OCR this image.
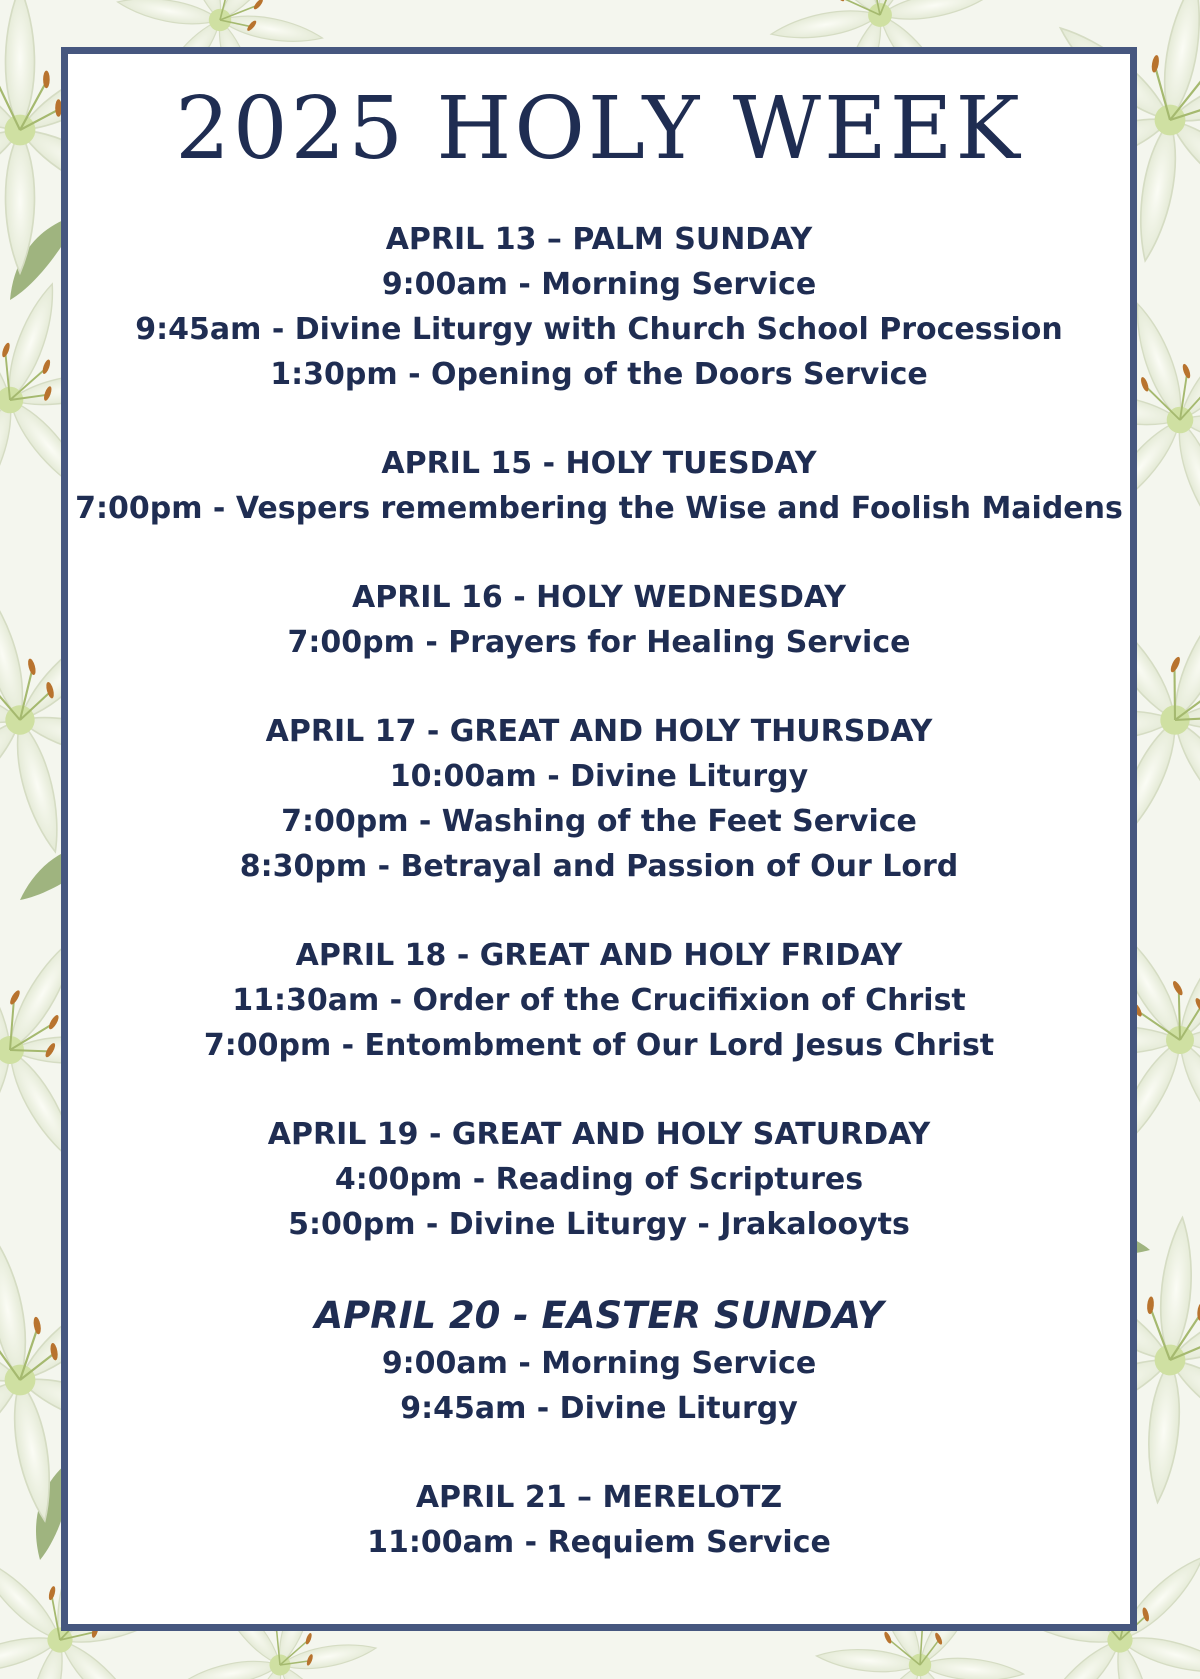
2025 HOLY WEEK
APRIL 13 – PALM SUNDAY
9:00am - Morning Service
9:45am - Divine Liturgy with Church School Procession
1:30pm - Opening of the Doors Service
APRIL 15 - HOLY TUESDAY
7:00pm - Vespers remembering the Wise and Foolish Maidens
APRIL 16 - HOLY WEDNESDAY
7:00pm - Prayers for Healing Service
APRIL 17 - GREAT AND HOLY THURSDAY
10:00am - Divine Liturgy
7:00pm - Washing of the Feet Service
8:30pm - Betrayal and Passion of Our Lord
APRIL 18 - GREAT AND HOLY FRIDAY
11:30am - Order of the Crucifixion of Christ
7:00pm - Entombment of Our Lord Jesus Christ
APRIL 19 - GREAT AND HOLY SATURDAY
4:00pm - Reading of Scriptures
5:00pm - Divine Liturgy - Jrakalooyts
APRIL 20 - EASTER SUNDAY
9:00am - Morning Service
9:45am - Divine Liturgy
APRIL 21 – MERELOTZ
11:00am - Requiem Service
